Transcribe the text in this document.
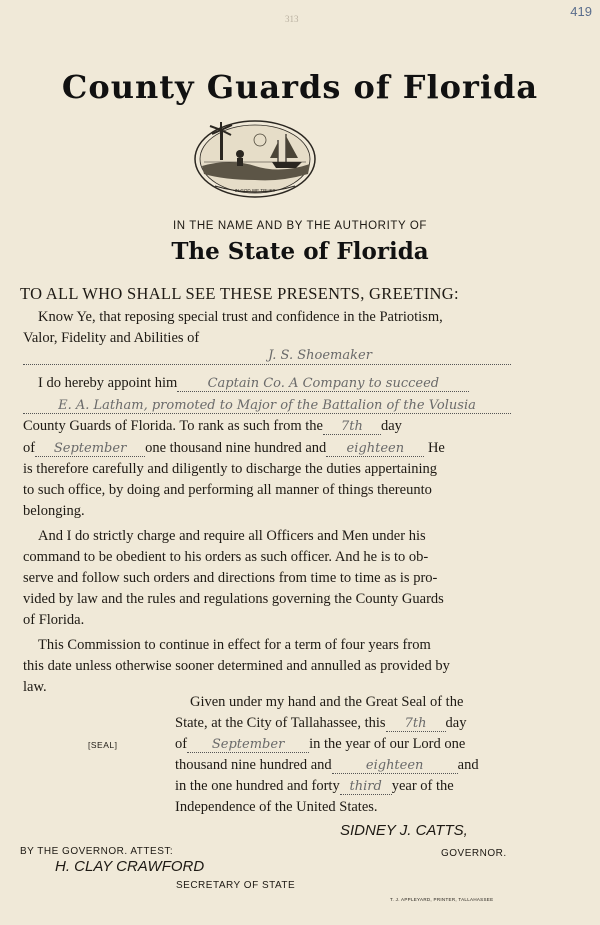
419
313
County Guards of Florida
IN GOD WE TRUST
IN THE NAME AND BY THE AUTHORITY OF
The State of Florida
TO ALL WHO SHALL SEE THESE PRESENTS, GREETING:
Know Ye, that reposing special trust and confidence in the Patriotism,
Valor, Fidelity and Abilities of
J. S. Shoemaker
I do hereby appoint him Captain Co. A Company to succeed
E. A. Latham, promoted to Major of the Battalion of the Volusia
County Guards of Florida. To rank as such from the 7th day
of September one thousand nine hundred and eighteen He
is therefore carefully and diligently to discharge the duties appertaining
to such office, by doing and performing all manner of things thereunto
belonging.
And I do strictly charge and require all Officers and Men under his
command to be obedient to his orders as such officer. And he is to ob-
serve and follow such orders and directions from time to time as is pro-
vided by law and the rules and regulations governing the County Guards
of Florida.
This Commission to continue in effect for a term of four years from
this date unless otherwise sooner determined and annulled as provided by
law.
Given under my hand and the Great Seal of the
State, at the City of Tallahassee, this 7th day
of September in the year of our Lord one
thousand nine hundred and	eighteen and
in the one hundred and forty third year of the
Independence of the United States.
[SEAL]
SIDNEY J. CATTS,
GOVERNOR.
BY THE GOVERNOR. ATTEST:
H. CLAY CRAWFORD
SECRETARY OF STATE
T. J. APPLEYARD, PRINTER, TALLAHASSEE
